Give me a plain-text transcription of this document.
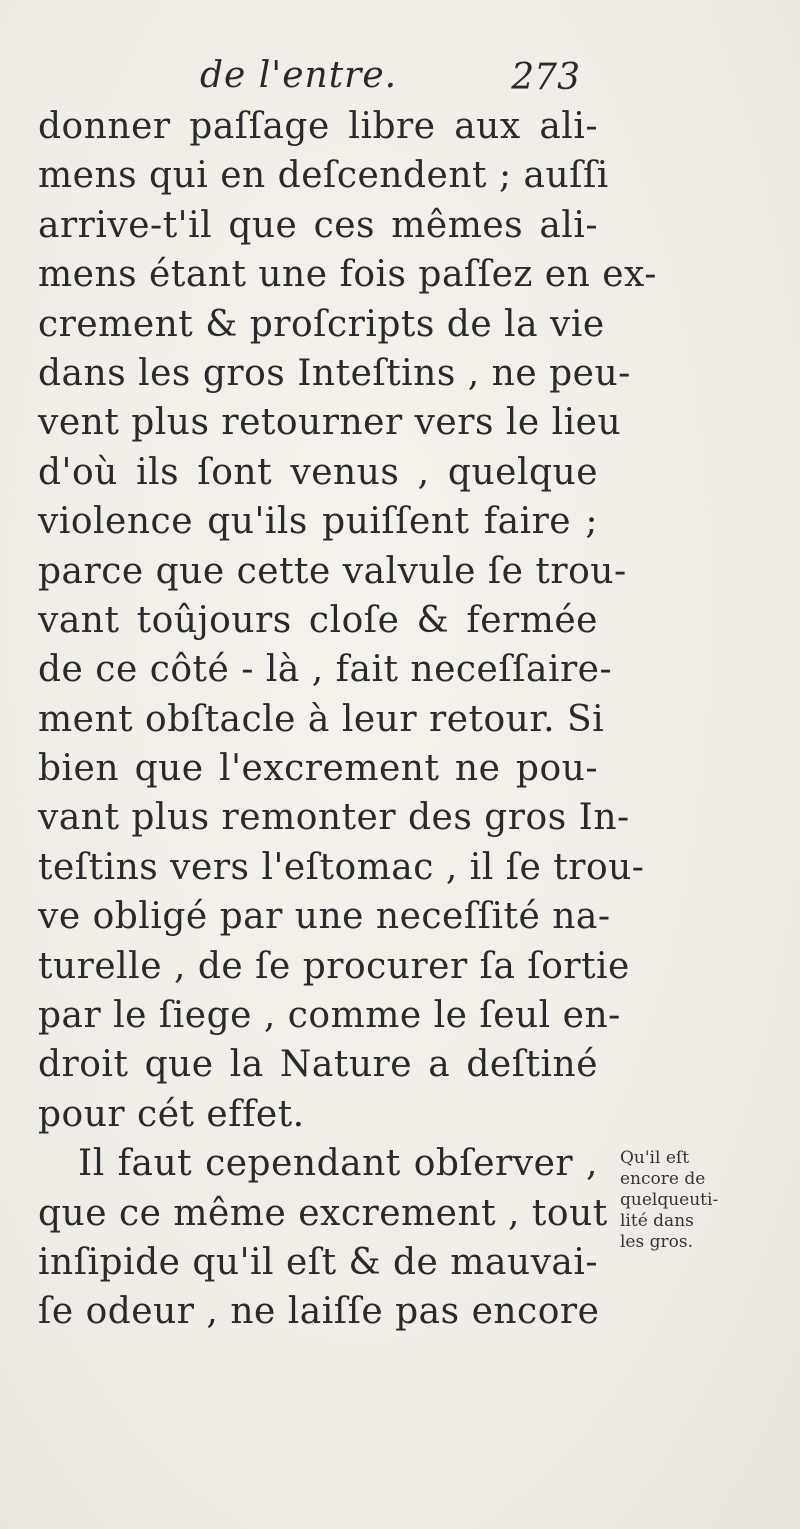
de l'entre.	273
donner paſſage libre aux ali-
mens qui en deſcendent ; auſſi
arrive-t'il que ces mêmes ali-
mens étant une fois paſſez en ex-
crement & proſcripts de la vie
dans les gros Inteſtins , ne peu-
vent plus retourner vers le lieu
d'où ils ſont venus , quelque
violence qu'ils puiſſent faire ;
parce que cette valvule ſe trou-
vant toûjours cloſe & fermée
de ce côté - là , fait neceſſaire-
ment obſtacle à leur retour. Si
bien que l'excrement ne pou-
vant plus remonter des gros In-
teſtins vers l'eſtomac , il ſe trou-
ve obligé par une neceſſité na-
turelle , de ſe procurer ſa ſortie
par le ſiege , comme le ſeul en-
droit que la Nature a deſtiné
pour cét effet.
Il faut cependant obſerver ,
que ce même excrement , tout
inſipide qu'il eſt & de mauvai-
ſe odeur , ne laiſſe pas encore
Qu'il eſt
encore de
quelqueuti-
lité dans
les gros.
